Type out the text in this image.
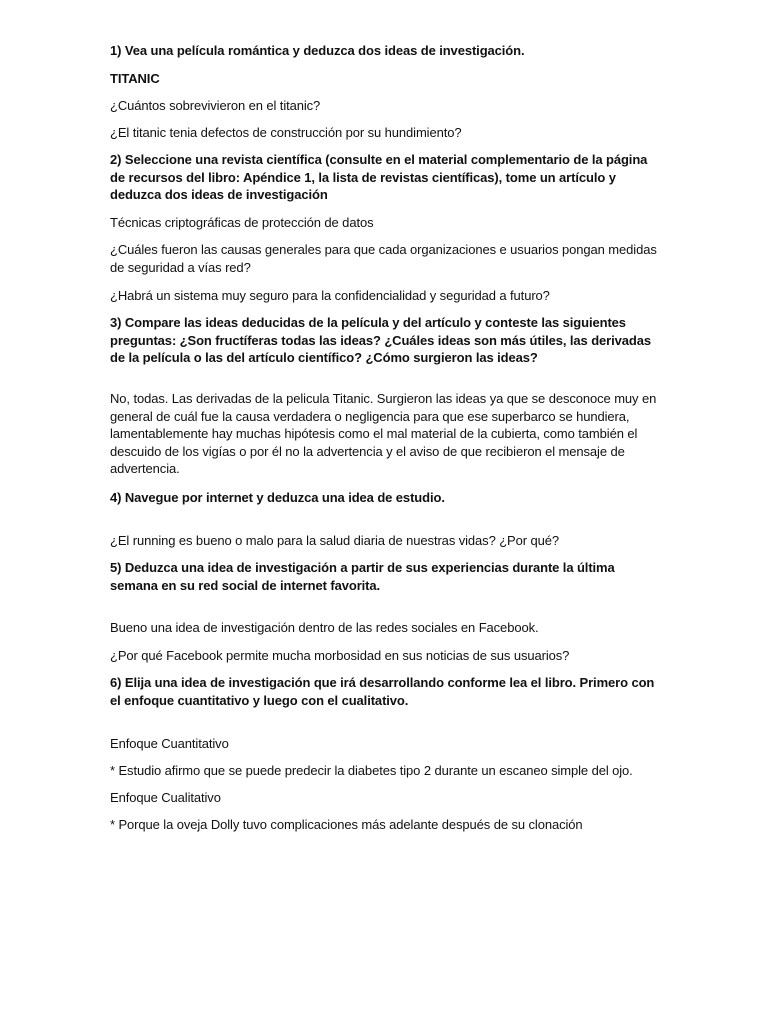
1) Vea una película romántica y deduzca dos ideas de investigación.

TITANIC

¿Cuántos sobrevivieron en el titanic?

¿El titanic tenia defectos de construcción por su hundimiento?

2) Seleccione una revista científica (consulte en el material complementario de la página de recursos del libro: Apéndice 1, la lista de revistas científicas), tome un artículo y deduzca dos ideas de investigación

Técnicas criptográficas de protección de datos

¿Cuáles fueron las causas generales para que cada organizaciones e usuarios pongan medidas de seguridad a vías red?

¿Habrá un sistema muy seguro para la confidencialidad y seguridad a futuro?

3) Compare las ideas deducidas de la película y del artículo y conteste las siguientes preguntas: ¿Son fructíferas todas las ideas? ¿Cuáles ideas son más útiles, las derivadas de la película o las del artículo científico? ¿Cómo surgieron las ideas?

No, todas. Las derivadas de la pelicula Titanic. Surgieron las ideas ya que se desconoce muy en general de cuál fue la causa verdadera o negligencia para que ese superbarco se hundiera, lamentablemente hay muchas hipótesis como el mal material de la cubierta, como también el descuido de los vigías o por él no la advertencia y el aviso de que recibieron el mensaje de advertencia.

4) Navegue por internet y deduzca una idea de estudio.

¿El running es bueno o malo para la salud diaria de nuestras vidas? ¿Por qué?

5) Deduzca una idea de investigación a partir de sus experiencias durante la última semana en su red social de internet favorita.

Bueno una idea de investigación dentro de las redes sociales en Facebook.

¿Por qué Facebook permite mucha morbosidad en sus noticias de sus usuarios?

6) Elija una idea de investigación que irá desarrollando conforme lea el libro. Primero con el enfoque cuantitativo y luego con el cualitativo.

Enfoque Cuantitativo

* Estudio afirmo que se puede predecir la diabetes tipo 2 durante un escaneo simple del ojo.

Enfoque Cualitativo

* Porque la oveja Dolly tuvo complicaciones más adelante después de su clonación
